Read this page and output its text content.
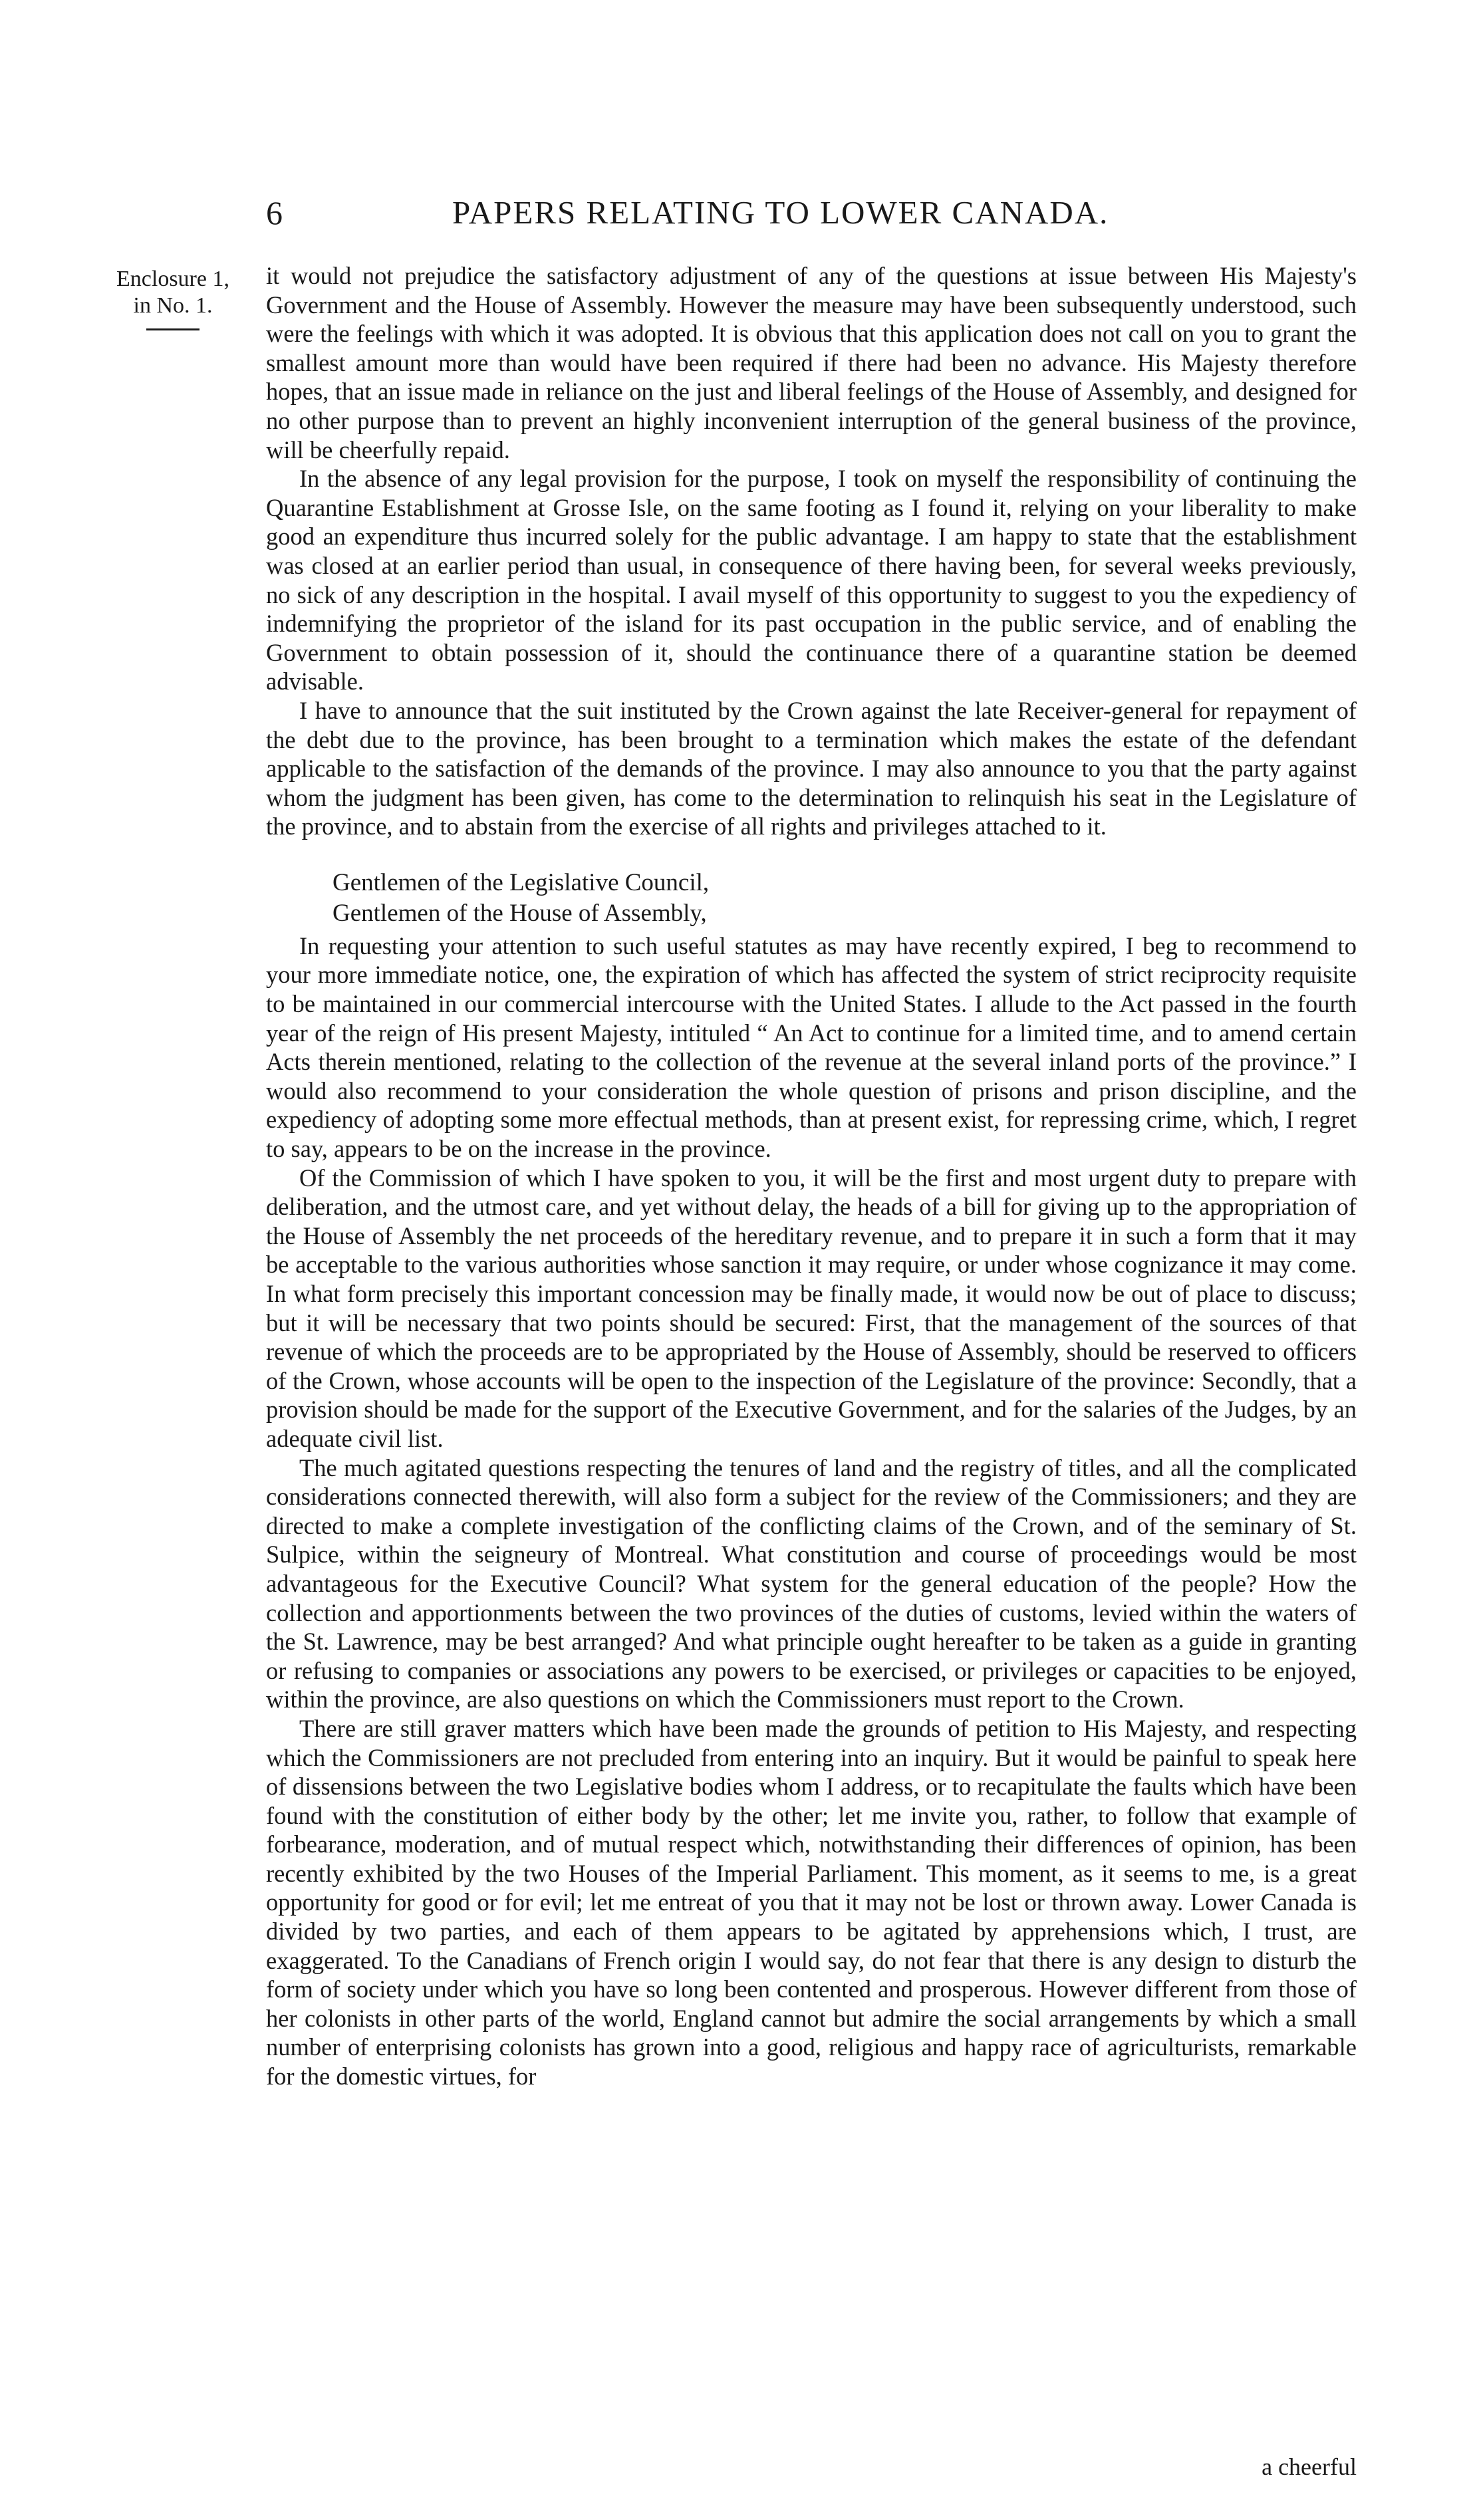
6	PAPERS RELATING TO LOWER CANADA.
Enclosure 1,
in No. 1.

it would not prejudice the satisfactory adjustment of any of the questions at issue between His Majesty's Government and the House of Assembly. However the measure may have been subsequently understood, such were the feelings with which it was adopted. It is obvious that this application does not call on you to grant the smallest amount more than would have been required if there had been no advance. His Majesty therefore hopes, that an issue made in reliance on the just and liberal feelings of the House of Assembly, and designed for no other purpose than to prevent an highly inconvenient interruption of the general business of the province, will be cheerfully repaid.

In the absence of any legal provision for the purpose, I took on myself the responsibility of continuing the Quarantine Establishment at Grosse Isle, on the same footing as I found it, relying on your liberality to make good an expenditure thus incurred solely for the public advantage. I am happy to state that the establishment was closed at an earlier period than usual, in consequence of there having been, for several weeks previously, no sick of any description in the hospital. I avail myself of this opportunity to suggest to you the expediency of indemnifying the proprietor of the island for its past occupation in the public service, and of enabling the Government to obtain possession of it, should the continuance there of a quarantine station be deemed advisable.

I have to announce that the suit instituted by the Crown against the late Receiver-general for repayment of the debt due to the province, has been brought to a termination which makes the estate of the defendant applicable to the satisfaction of the demands of the province. I may also announce to you that the party against whom the judgment has been given, has come to the determination to relinquish his seat in the Legislature of the province, and to abstain from the exercise of all rights and privileges attached to it.

Gentlemen of the Legislative Council,

Gentlemen of the House of Assembly,

In requesting your attention to such useful statutes as may have recently expired, I beg to recommend to your more immediate notice, one, the expiration of which has affected the system of strict reciprocity requisite to be maintained in our commercial intercourse with the United States. I allude to the Act passed in the fourth year of the reign of His present Majesty, intituled “ An Act to continue for a limited time, and to amend certain Acts therein mentioned, relating to the collection of the revenue at the several inland ports of the province.” I would also recommend to your consideration the whole question of prisons and prison discipline, and the expediency of adopting some more effectual methods, than at present exist, for repressing crime, which, I regret to say, appears to be on the increase in the province.

Of the Commission of which I have spoken to you, it will be the first and most urgent duty to prepare with deliberation, and the utmost care, and yet without delay, the heads of a bill for giving up to the appropriation of the House of Assembly the net proceeds of the hereditary revenue, and to prepare it in such a form that it may be acceptable to the various authorities whose sanction it may require, or under whose cognizance it may come. In what form precisely this important concession may be finally made, it would now be out of place to discuss; but it will be necessary that two points should be secured: First, that the management of the sources of that revenue of which the proceeds are to be appropriated by the House of Assembly, should be reserved to officers of the Crown, whose accounts will be open to the inspection of the Legislature of the province: Secondly, that a provision should be made for the support of the Executive Government, and for the salaries of the Judges, by an adequate civil list.

The much agitated questions respecting the tenures of land and the registry of titles, and all the complicated considerations connected therewith, will also form a subject for the review of the Commissioners; and they are directed to make a complete investigation of the conflicting claims of the Crown, and of the seminary of St. Sulpice, within the seigneury of Montreal. What constitution and course of proceedings would be most advantageous for the Executive Council? What system for the general education of the people? How the collection and apportionments between the two provinces of the duties of customs, levied within the waters of the St. Lawrence, may be best arranged? And what principle ought hereafter to be taken as a guide in granting or refusing to companies or associations any powers to be exercised, or privileges or capacities to be enjoyed, within the province, are also questions on which the Commissioners must report to the Crown.

There are still graver matters which have been made the grounds of petition to His Majesty, and respecting which the Commissioners are not precluded from entering into an inquiry. But it would be painful to speak here of dissensions between the two Legislative bodies whom I address, or to recapitulate the faults which have been found with the constitution of either body by the other; let me invite you, rather, to follow that example of forbearance, moderation, and of mutual respect which, notwithstanding their differences of opinion, has been recently exhibited by the two Houses of the Imperial Parliament. This moment, as it seems to me, is a great opportunity for good or for evil; let me entreat of you that it may not be lost or thrown away. Lower Canada is divided by two parties, and each of them appears to be agitated by apprehensions which, I trust, are exaggerated. To the Canadians of French origin I would say, do not fear that there is any design to disturb the form of society under which you have so long been contented and prosperous. However different from those of her colonists in other parts of the world, England cannot but admire the social arrangements by which a small number of enterprising colonists has grown into a good, religious and happy race of agriculturists, remarkable for the domestic virtues, for

a cheerful
